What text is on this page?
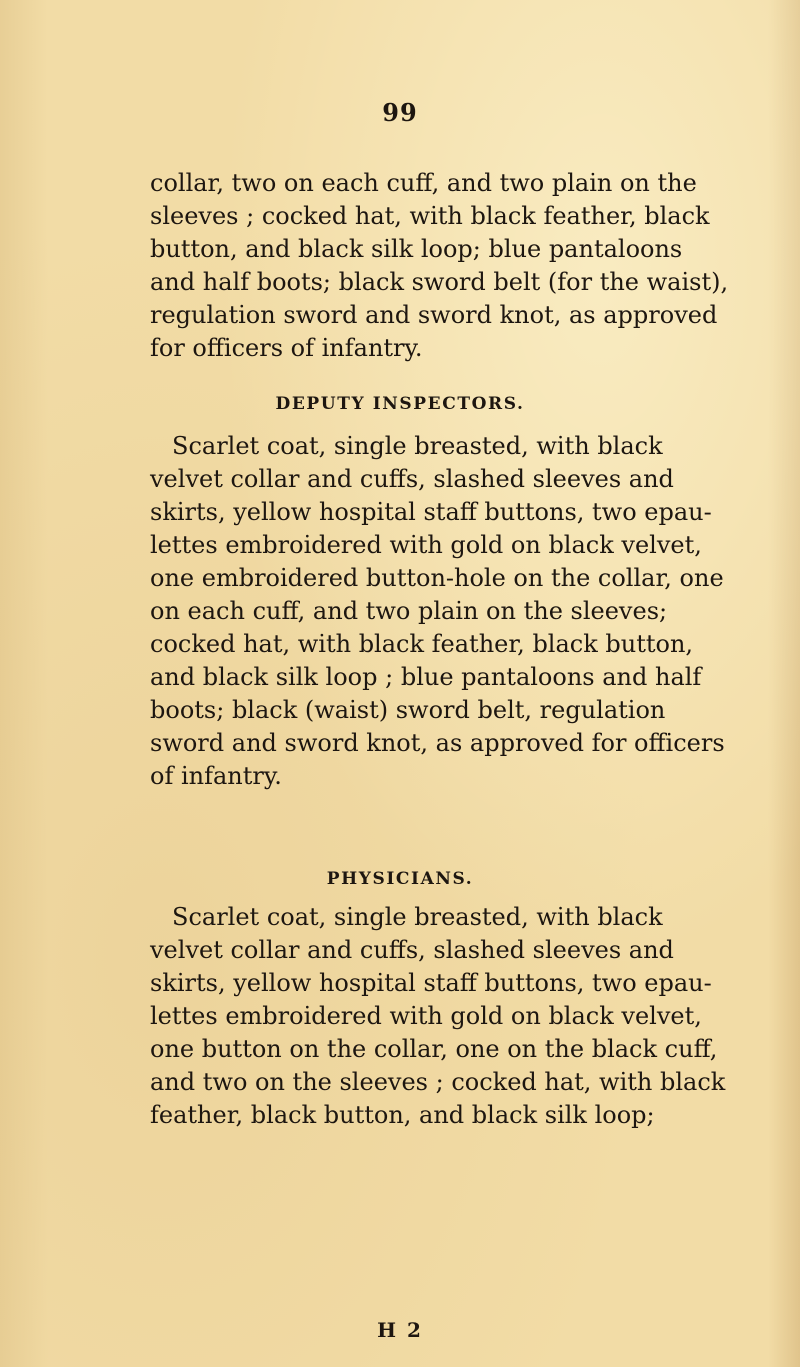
99
collar, two on each cuff, and two plain on the
sleeves ; cocked hat, with black feather, black
button, and black silk loop; blue pantaloons
and half boots; black sword belt (for the waist),
regulation sword and sword knot, as approved
for officers of infantry.
DEPUTY INSPECTORS.
Scarlet coat, single breasted, with black
velvet collar and cuffs, slashed sleeves and
skirts, yellow hospital staff buttons, two epau-
lettes embroidered with gold on black velvet,
one embroidered button-hole on the collar, one
on each cuff, and two plain on the sleeves;
cocked hat, with black feather, black button,
and black silk loop ; blue pantaloons and half
boots; black (waist) sword belt, regulation
sword and sword knot, as approved for officers
of infantry.
PHYSICIANS.
Scarlet coat, single breasted, with black
velvet collar and cuffs, slashed sleeves and
skirts, yellow hospital staff buttons, two epau-
lettes embroidered with gold on black velvet,
one button on the collar, one on the black cuff,
and two on the sleeves ; cocked hat, with black
feather, black button, and black silk loop;
H 2
